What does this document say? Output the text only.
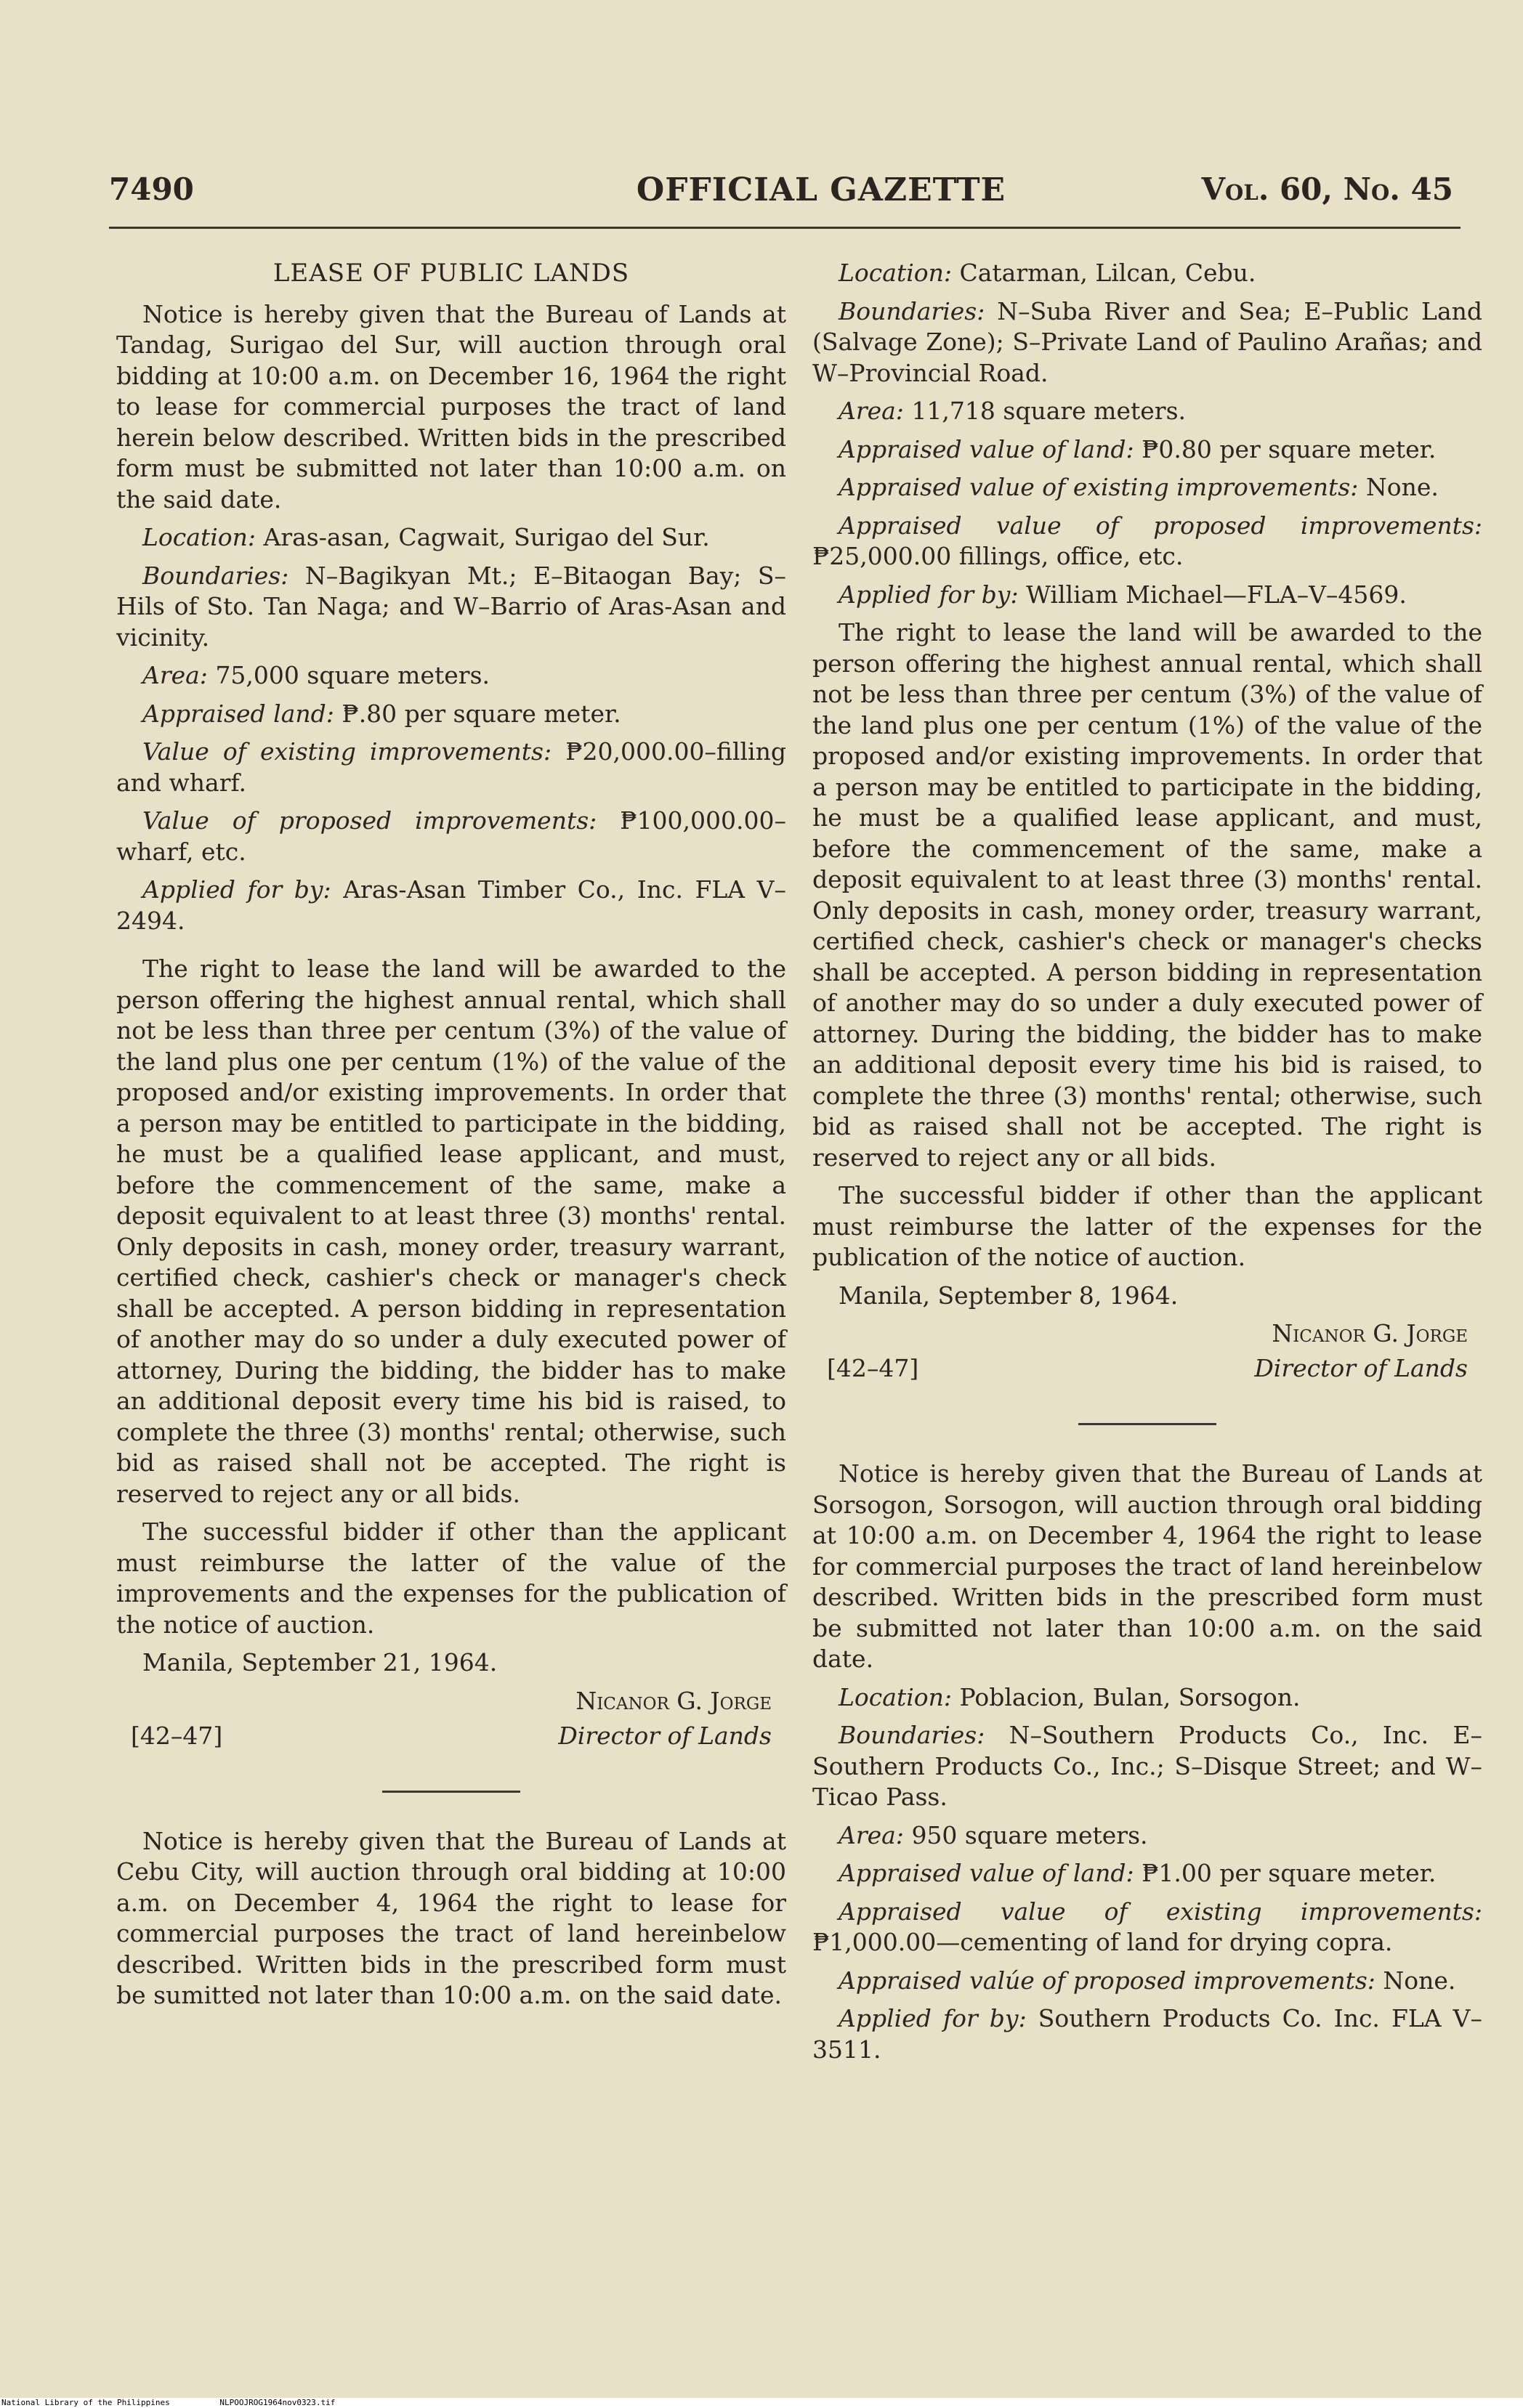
7490	OFFICIAL GAZETTE	Vol. 60, No. 45
LEASE OF PUBLIC LANDS

Notice is hereby given that the Bureau of Lands at Tandag, Surigao del Sur, will auction through oral bidding at 10:00 a.m. on December 16, 1964 the right to lease for commercial purposes the tract of land herein below described. Written bids in the prescribed form must be submitted not later than 10:00 a.m. on the said date.

Location: Aras-asan, Cagwait, Surigao del Sur.

Boundaries: N–Bagikyan Mt.; E–Bitaogan Bay; S–Hils of Sto. Tan Naga; and W–Barrio of Aras-Asan and vicinity.

Area: 75,000 square meters.

Appraised land: ₱.80 per square meter.

Value of existing improvements: ₱20,000.00–filling and wharf.

Value of proposed improvements: ₱100,000.00–wharf, etc.

Applied for by: Aras-Asan Timber Co., Inc. FLA V– 2494.

The right to lease the land will be awarded to the person offering the highest annual rental, which shall not be less than three per centum (3%) of the value of the land plus one per centum (1%) of the value of the proposed and/or existing improvements. In order that a person may be entitled to participate in the bidding, he must be a qualified lease applicant, and must, before the commencement of the same, make a deposit equivalent to at least three (3) months' rental. Only deposits in cash, money order, treasury warrant, certified check, cashier's check or manager's check shall be accepted. A person bidding in representation of another may do so under a duly executed power of attorney, During the bidding, the bidder has to make an additional deposit every time his bid is raised, to complete the three (3) months' rental; otherwise, such bid as raised shall not be accepted. The right is reserved to reject any or all bids.

The successful bidder if other than the applicant must reimburse the latter of the value of the improvements and the expenses for the publication of the notice of auction.

Manila, September 21, 1964.

Nicanor G. Jorge
[42–47]	Director of Lands

Notice is hereby given that the Bureau of Lands at Cebu City, will auction through oral bidding at 10:00 a.m. on December 4, 1964 the right to lease for commercial purposes the tract of land hereinbelow described. Written bids in the prescribed form must be sumitted not later than 10:00 a.m. on the said date.

Location: Catarman, Lilcan, Cebu.

Boundaries: N–Suba River and Sea; E–Public Land (Salvage Zone); S–Private Land of Paulino Arañas; and W–Provincial Road.

Area: 11,718 square meters.

Appraised value of land: ₱0.80 per square meter.

Appraised value of existing improvements: None.

Appraised value of proposed improvements: ₱25,000.00 fillings, office, etc.

Applied for by: William Michael—FLA–V–4569.

The right to lease the land will be awarded to the person offering the highest annual rental, which shall not be less than three per centum (3%) of the value of the land plus one per centum (1%) of the value of the proposed and/or existing improvements. In order that a person may be entitled to participate in the bidding, he must be a qualified lease applicant, and must, before the commencement of the same, make a deposit equivalent to at least three (3) months' rental. Only deposits in cash, money order, treasury warrant, certified check, cashier's check or manager's checks shall be accepted. A person bidding in representation of another may do so under a duly executed power of attorney. During the bidding, the bidder has to make an additional deposit every time his bid is raised, to complete the three (3) months' rental; otherwise, such bid as raised shall not be accepted. The right is reserved to reject any or all bids.

The successful bidder if other than the applicant must reimburse the latter of the expenses for the publication of the notice of auction.

Manila, September 8, 1964.

Nicanor G. Jorge
[42–47]	Director of Lands

Notice is hereby given that the Bureau of Lands at Sorsogon, Sorsogon, will auction through oral bidding at 10:00 a.m. on December 4, 1964 the right to lease for commercial purposes the tract of land hereinbelow described. Written bids in the prescribed form must be submitted not later than 10:00 a.m. on the said date.

Location: Poblacion, Bulan, Sorsogon.

Boundaries: N–Southern Products Co., Inc. E–Southern Products Co., Inc.; S–Disque Street; and W–Ticao Pass.

Area: 950 square meters.

Appraised value of land: ₱1.00 per square meter.

Appraised value of existing improvements: ₱1,000.00—cementing of land for drying copra.

Appraised valúe of proposed improvements: None.

Applied for by: Southern Products Co. Inc. FLA V–3511.

National Library of the Philippines	NLPOOJROG1964nov0323.tif
